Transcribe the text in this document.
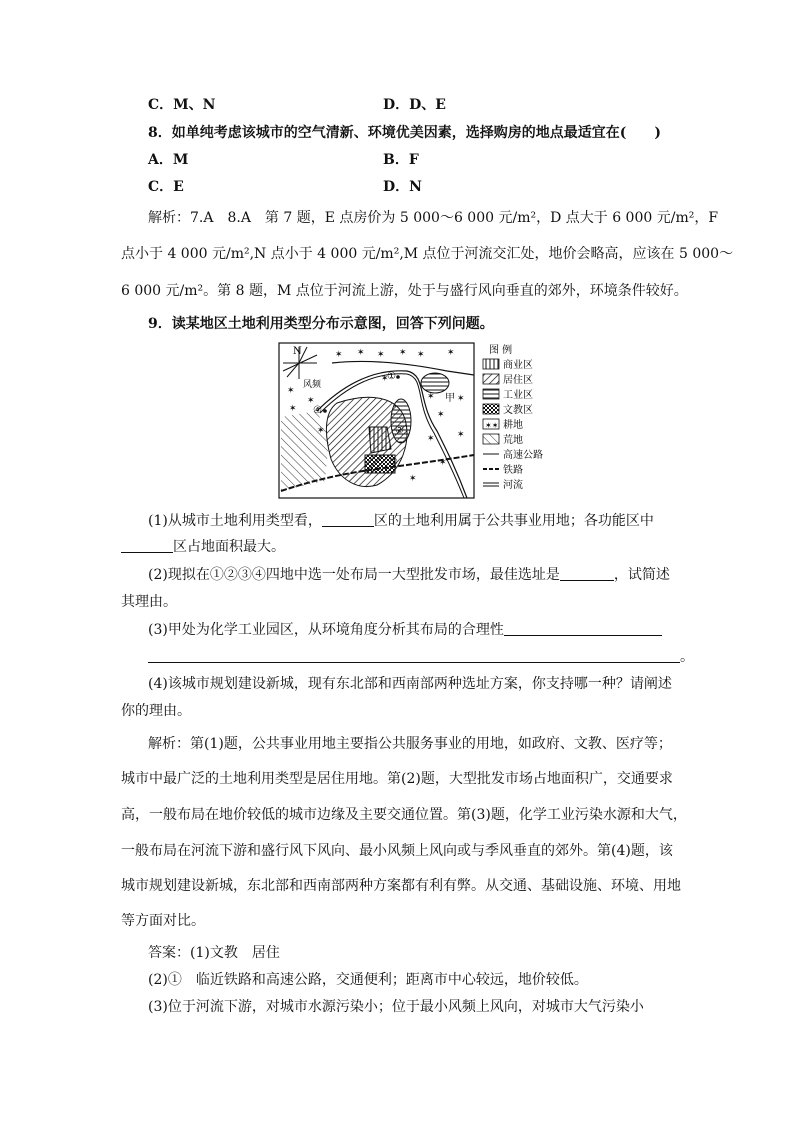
C．M、N	D．D、E
8．如单纯考虑该城市的空气清新、环境优美因素，选择购房的地点最适宜在(　　)
A．M	B．F
C．E	D．N
解析：7.A　8.A　第 7 题，E 点房价为 5 000～6 000 元/m²，D 点大于 6 000 元/m²，F
点小于 4 000 元/m²,N 点小于 4 000 元/m²,M 点位于河流交汇处，地价会略高，应该在 5 000～
6 000 元/m²。第 8 题，M 点位于河流上游，处于与盛行风向垂直的郊外，环境条件较好。
9．读某地区土地利用类型分布示意图，回答下列问题。
N
风频
✶ ✶ ✶ ✶ ✶ ✶
✶
✶
✶
✶
✶
✶
✶
✶
✶
✶
✶
✶
①
②
③
④
甲
图 例
商业区
居住区
工业区
文教区
✶✶ 耕地
荒地
高速公路
铁路
河流
(1)从城市土地利用类型看，	区的土地利用属于公共事业用地；各功能区中
区占地面积最大。
(2)现拟在①②③④四地中选一处布局一大型批发市场，最佳选址是	，试简述
其理由。
(3)甲处为化学工业园区，从环境角度分析其布局的合理性
。
(4)该城市规划建设新城，现有东北部和西南部两种选址方案，你支持哪一种？请阐述
你的理由。
解析：第(1)题，公共事业用地主要指公共服务事业的用地，如政府、文教、医疗等；
城市中最广泛的土地利用类型是居住用地。第(2)题，大型批发市场占地面积广，交通要求
高，一般布局在地价较低的城市边缘及主要交通位置。第(3)题，化学工业污染水源和大气，
一般布局在河流下游和盛行风下风向、最小风频上风向或与季风垂直的郊外。第(4)题，该
城市规划建设新城，东北部和西南部两种方案都有利有弊。从交通、基础设施、环境、用地
等方面对比。
答案：(1)文教　居住
(2)①　临近铁路和高速公路，交通便利；距离市中心较远，地价较低。
(3)位于河流下游，对城市水源污染小；位于最小风频上风向，对城市大气污染小
